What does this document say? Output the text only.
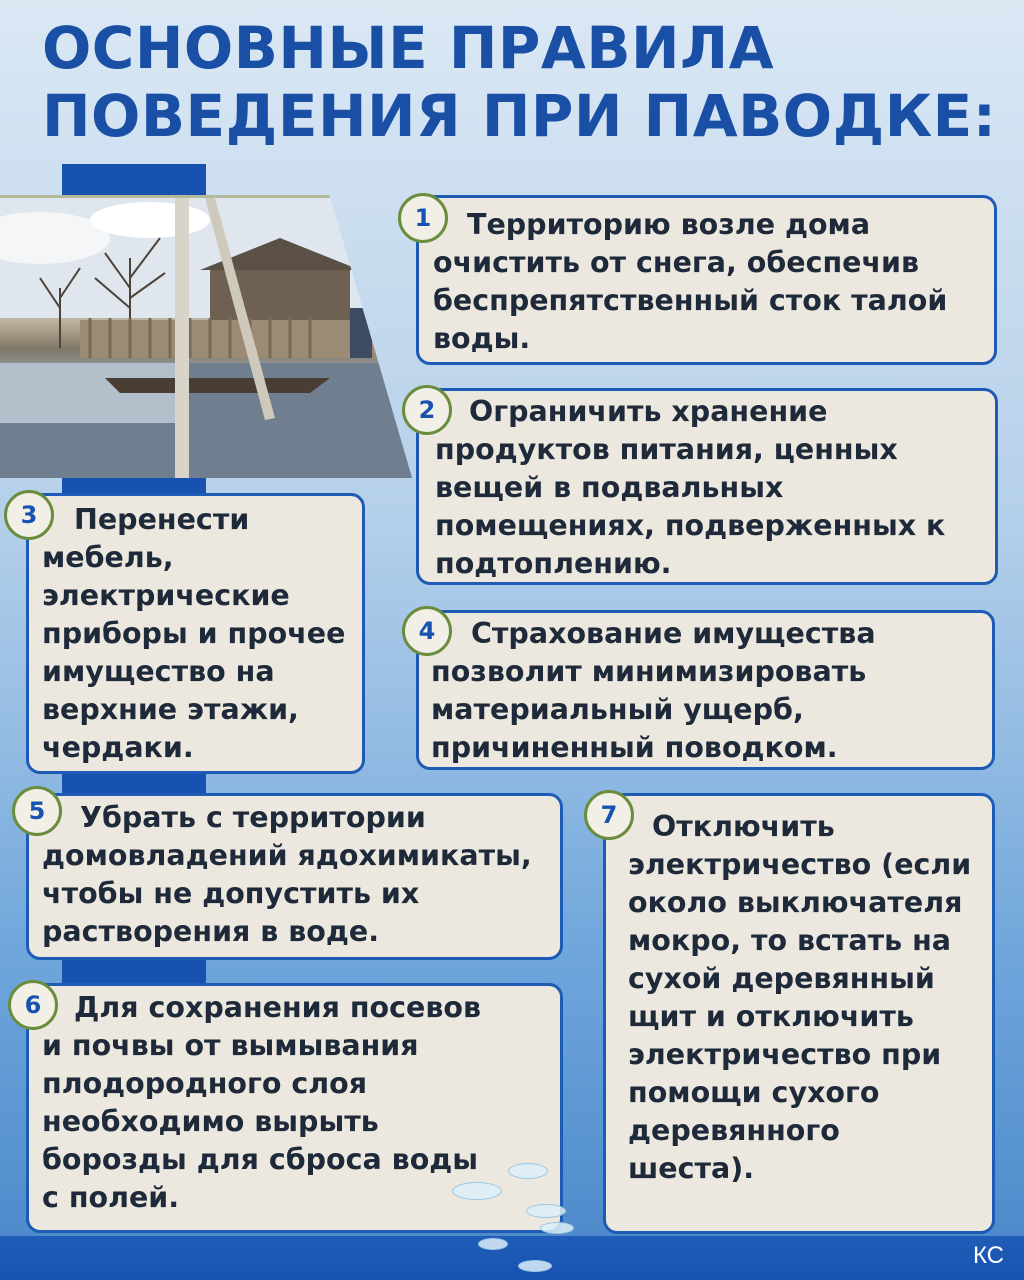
ОСНОВНЫЕ ПРАВИЛА
ПОВЕДЕНИЯ ПРИ ПАВОДКЕ:
Территорию возле дома очистить от снега, обеспечив беспрепятственный сток талой воды.
1
Ограничить хранение продуктов питания, ценных вещей в подвальных помещениях, подверженных к подтоплению.
2
Перенести мебель, электрические приборы и прочее имущество на верхние этажи, чердаки.
3
Страхование имущества позволит минимизировать материальный ущерб, причиненный поводком.
4
Убрать с территории домовладений ядохимикаты, чтобы не допустить их растворения в воде.
5
Для сохранения посевов и почвы от вымывания плодородного слоя необходимо вырыть борозды для сброса воды с полей.
6
Отключить электричество (если около выключателя мокро, то встать на сухой деревянный щит и отключить электричество при помощи сухого деревянного шеста).
7
КС
